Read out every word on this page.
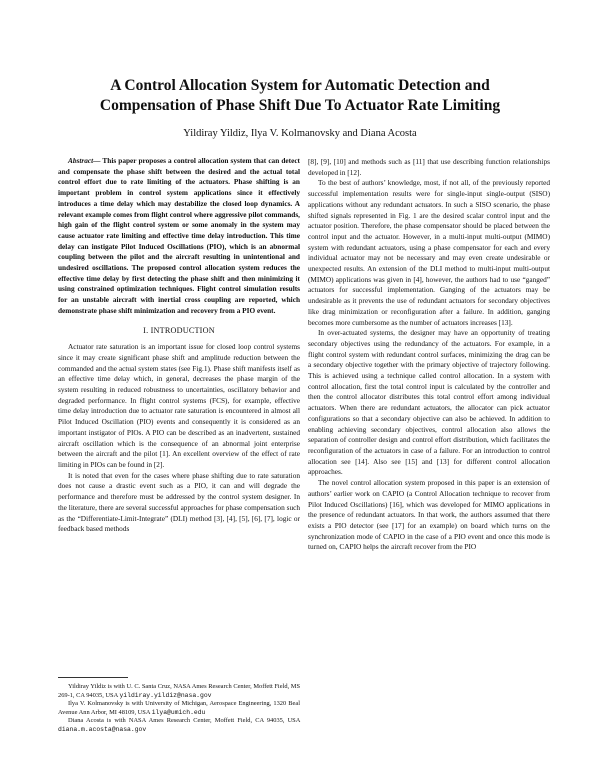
A Control Allocation System for Automatic Detection and
Compensation of Phase Shift Due To Actuator Rate Limiting
Yildiray Yildiz, Ilya V. Kolmanovsky and Diana Acosta

Abstract— This paper proposes a control allocation system that can detect and compensate the phase shift between the desired and the actual total control effort due to rate limiting of the actuators. Phase shifting is an important problem in control system applications since it effectively introduces a time delay which may destabilize the closed loop dynamics. A relevant example comes from flight control where aggressive pilot commands, high gain of the flight control system or some anomaly in the system may cause actuator rate limiting and effective time delay introduction. This time delay can instigate Pilot Induced Oscillations (PIO), which is an abnormal coupling between the pilot and the aircraft resulting in unintentional and undesired oscillations. The proposed control allocation system reduces the effective time delay by first detecting the phase shift and then minimizing it using constrained optimization techniques. Flight control simulation results for an unstable aircraft with inertial cross coupling are reported, which demonstrate phase shift minimization and recovery from a PIO event.

I. INTRODUCTION

Actuator rate saturation is an important issue for closed loop control systems since it may create significant phase shift and amplitude reduction between the commanded and the actual system states (see Fig.1). Phase shift manifests itself as an effective time delay which, in general, decreases the phase margin of the system resulting in reduced robustness to uncertainties, oscillatory behavior and degraded performance. In flight control systems (FCS), for example, effective time delay introduction due to actuator rate saturation is encountered in almost all Pilot Induced Oscillation (PIO) events and consequently it is considered as an important instigator of PIOs. A PIO can be described as an inadvertent, sustained aircraft oscillation which is the consequence of an abnormal joint enterprise between the aircraft and the pilot [1]. An excellent overview of the effect of rate limiting in PIOs can be found in [2].

It is noted that even for the cases where phase shifting due to rate saturation does not cause a drastic event such as a PIO, it can and will degrade the performance and therefore must be addressed by the control system designer. In the literature, there are several successful approaches for phase compensation such as the “Differentiate-Limit-Integrate” (DLI) method [3], [4], [5], [6], [7], logic or feedback based methods

Yildiray Yildiz is with U. C. Santa Cruz, NASA Ames Research Center, Moffett Field, MS 269-1, CA 94035, USA yildiray.yildiz@nasa.gov

Ilya V. Kolmanovsky is with University of Michigan, Aerospace Engineering, 1320 Beal Avenue Ann Arbor, MI 48109, USA ilya@umich.edu

Diana Acosta is with NASA Ames Research Center, Moffett Field, CA 94035, USA diana.m.acosta@nasa.gov

[8], [9], [10] and methods such as [11] that use describing function relationships developed in [12].

To the best of authors’ knowledge, most, if not all, of the previously reported successful implementation results were for single-input single-output (SISO) applications without any redundant actuators. In such a SISO scenario, the phase shifted signals represented in Fig. 1 are the desired scalar control input and the actuator position. Therefore, the phase compensator should be placed between the control input and the actuator. However, in a multi-input multi-output (MIMO) system with redundant actuators, using a phase compensator for each and every individual actuator may not be necessary and may even create undesirable or unexpected results. An extension of the DLI method to multi-input multi-output (MIMO) applications was given in [4], however, the authors had to use “ganged” actuators for successful implementation. Ganging of the actuators may be undesirable as it prevents the use of redundant actuators for secondary objectives like drag minimization or reconfiguration after a failure. In addition, ganging becomes more cumbersome as the number of actuators increases [13].

In over-actuated systems, the designer may have an opportunity of treating secondary objectives using the redundancy of the actuators. For example, in a flight control system with redundant control surfaces, minimizing the drag can be a secondary objective together with the primary objective of trajectory following. This is achieved using a technique called control allocation. In a system with control allocation, first the total control input is calculated by the controller and then the control allocator distributes this total control effort among individual actuators. When there are redundant actuators, the allocator can pick actuator configurations so that a secondary objective can also be achieved. In addition to enabling achieving secondary objectives, control allocation also allows the separation of controller design and control effort distribution, which facilitates the reconfiguration of the actuators in case of a failure. For an introduction to control allocation see [14]. Also see [15] and [13] for different control allocation approaches.

The novel control allocation system proposed in this paper is an extension of authors’ earlier work on CAPIO (a Control Allocation technique to recover from Pilot Induced Oscillations) [16], which was developed for MIMO applications in the presence of redundant actuators. In that work, the authors assumed that there exists a PIO detector (see [17] for an example) on board which turns on the synchronization mode of CAPIO in the case of a PIO event and once this mode is turned on, CAPIO helps the aircraft recover from the PIO
